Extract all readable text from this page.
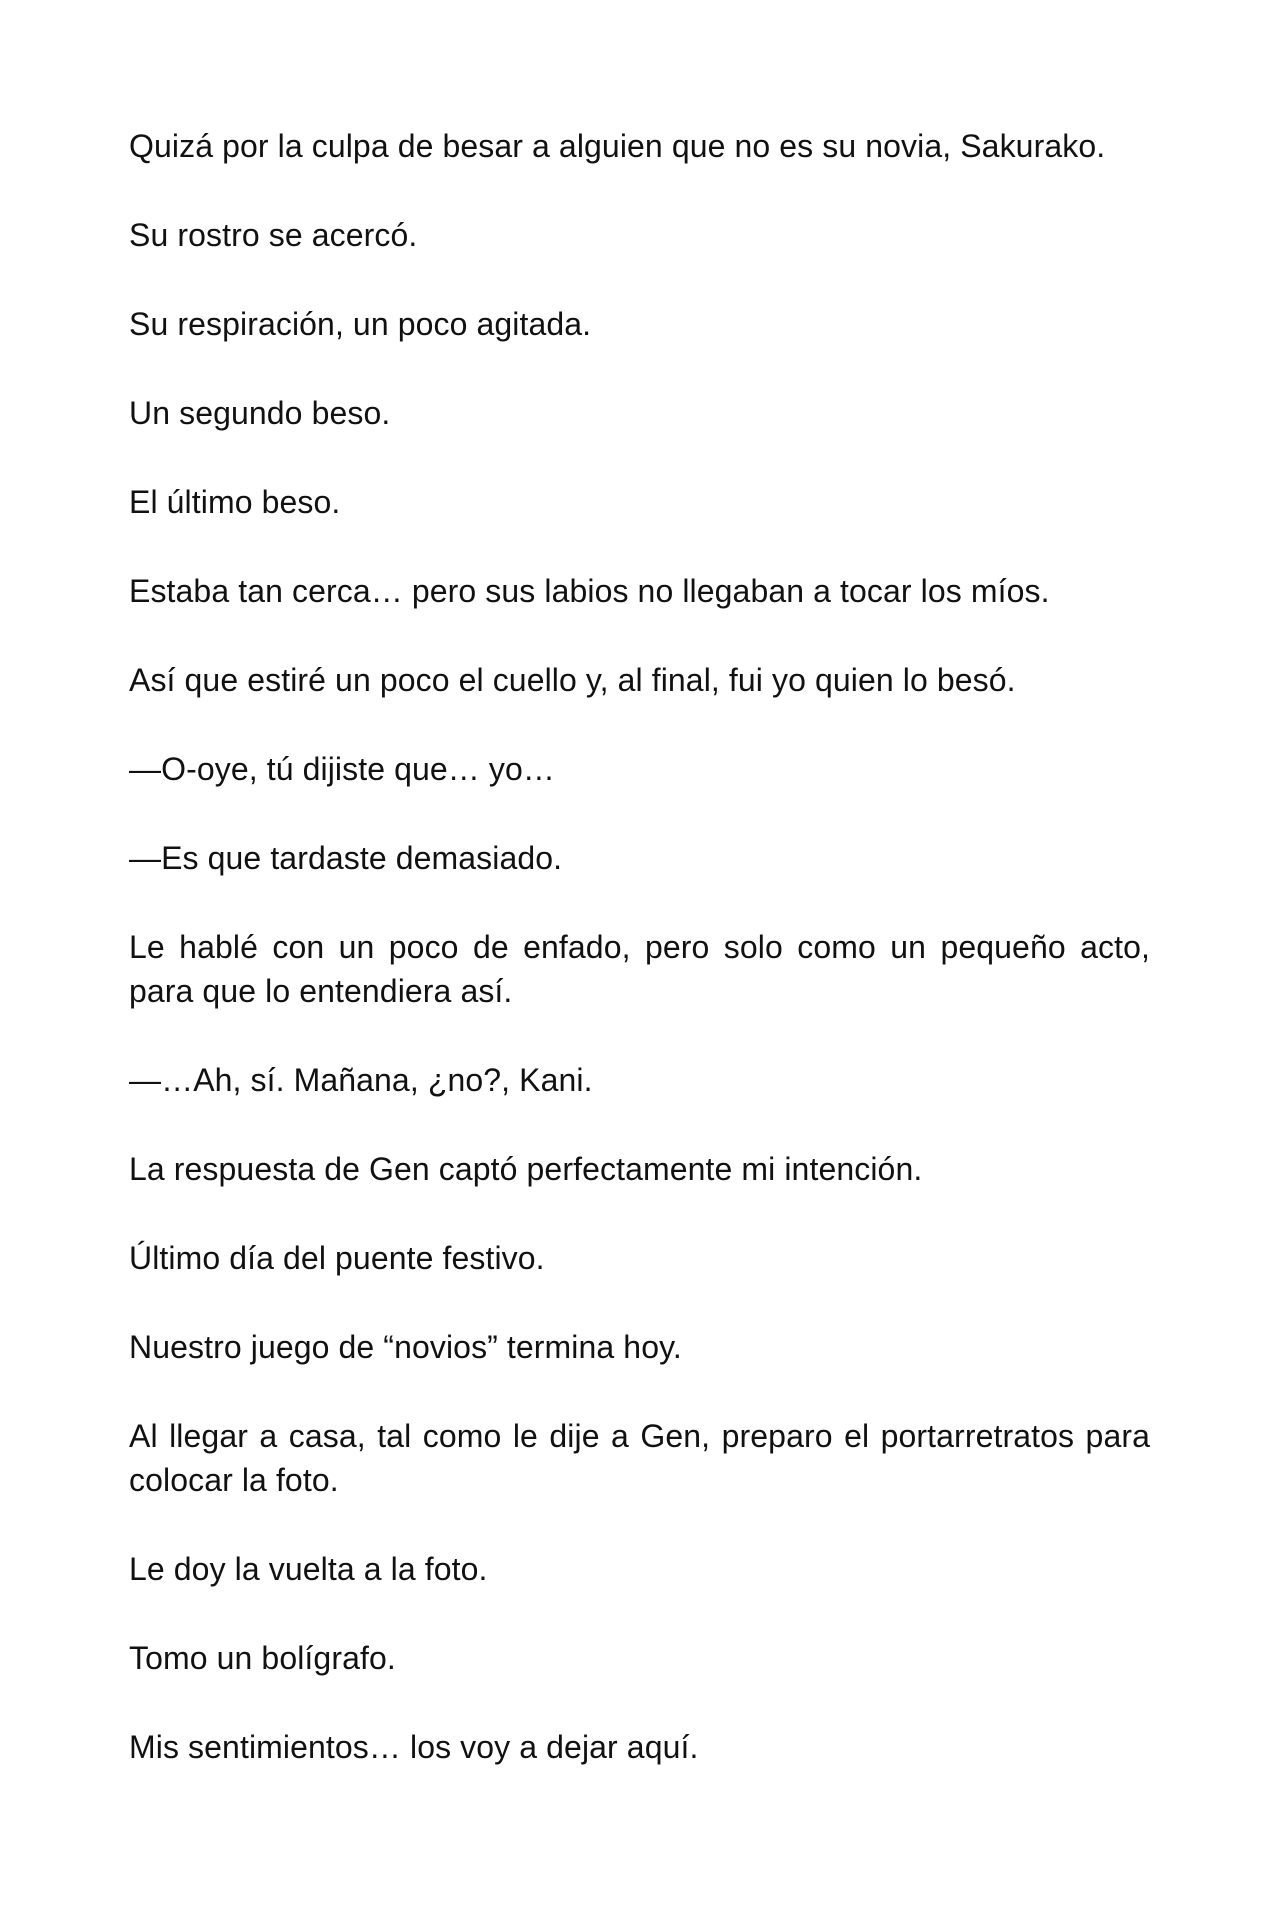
Quizá por la culpa de besar a alguien que no es su novia, Sakurako.

Su rostro se acercó.

Su respiración, un poco agitada.

Un segundo beso.

El último beso.

Estaba tan cerca… pero sus labios no llegaban a tocar los míos.

Así que estiré un poco el cuello y, al final, fui yo quien lo besó.

—O-oye, tú dijiste que… yo…

—Es que tardaste demasiado.

Le hablé con un poco de enfado, pero solo como un pequeño acto, para que lo entendiera así.

—…Ah, sí. Mañana, ¿no?, Kani.

La respuesta de Gen captó perfectamente mi intención.

Último día del puente festivo.

Nuestro juego de “novios” termina hoy.

Al llegar a casa, tal como le dije a Gen, preparo el portarretratos para colocar la foto.

Le doy la vuelta a la foto.

Tomo un bolígrafo.

Mis sentimientos… los voy a dejar aquí.
